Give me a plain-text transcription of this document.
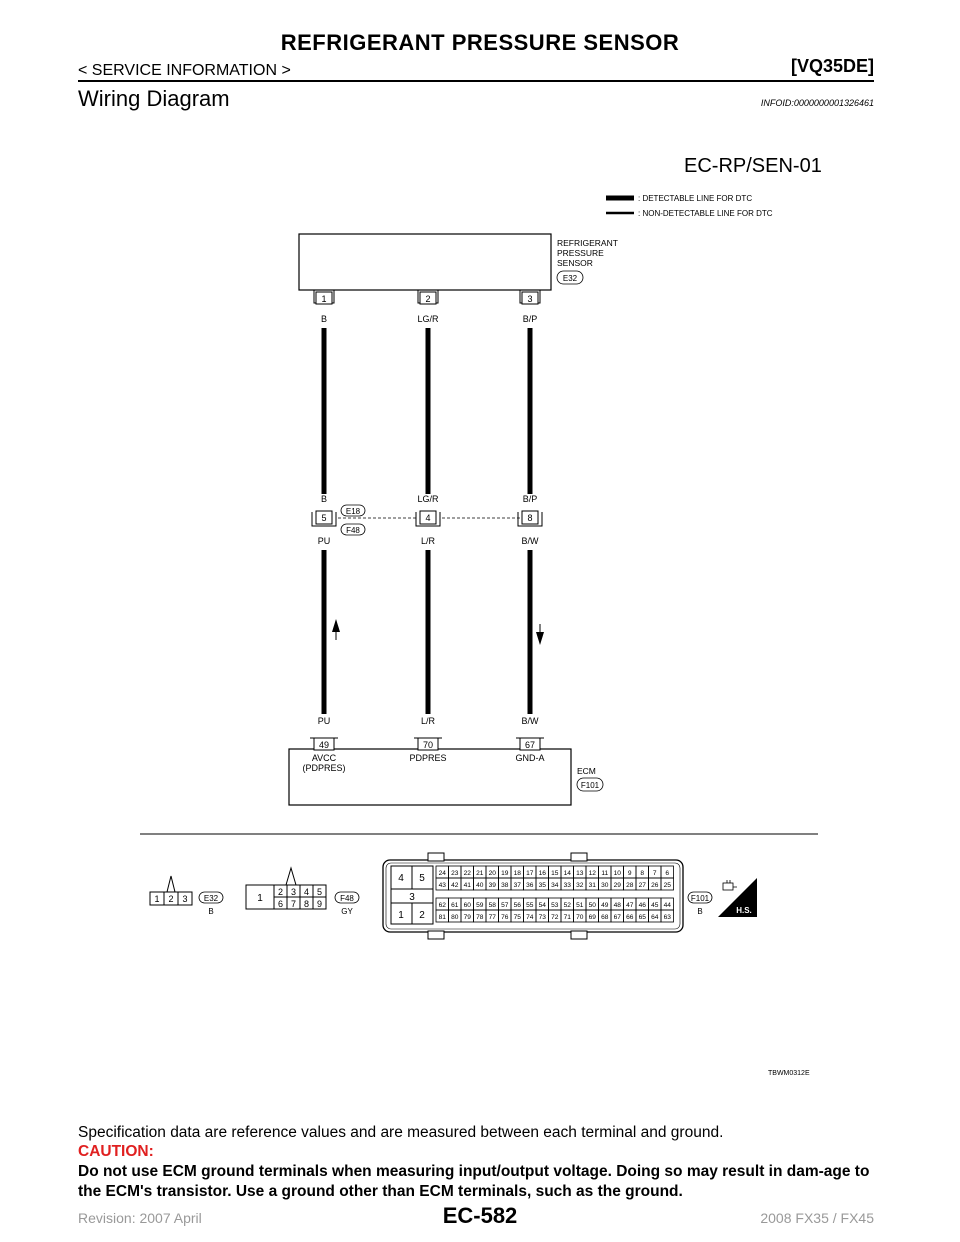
REFRIGERANT PRESSURE SENSOR
< SERVICE INFORMATION >	[VQ35DE]
Wiring Diagram	INFOID:0000000001326461
EC-RP/SEN-01
: DETECTABLE LINE FOR DTC
: NON-DETECTABLE LINE FOR DTC
REFRIGERANT
PRESSURE
SENSOR
E32
1	2	3
B	LG/R	B/P
B	LG/R	B/P
5	4	8
E18
F48
PU	L/R	B/W
PU	L/R	B/W
49	70	67
AVCC
(PDPRES)
PDPRES	GND-A
ECM
F101
1 2 3 E32
B
1
2 3 4 5
6 7 8 9
F48
GY
4 5
3
1 2
24 23 22 21 20 19 18 17 16 15 14 13 12 11 10 9 8 7 6
43 42 41 40 39 38 37 36 35 34 33 32 31 30 29 28 27 26 25
62 61 60 59 58 57 56 55 54 53 52 51 50 49 48 47 46 45 44
81 80 79 78 77 76 75 74 73 72 71 70 69 68 67 66 65 64 63
F101
B	H.S.
TBWM0312E
Specification data are reference values and are measured between each terminal and ground.
CAUTION:
Do not use ECM ground terminals when measuring input/output voltage. Doing so may result in dam-age to the ECM's transistor. Use a ground other than ECM terminals, such as the ground.
EC-582
Revision: 2007 April	2008 FX35 / FX45
